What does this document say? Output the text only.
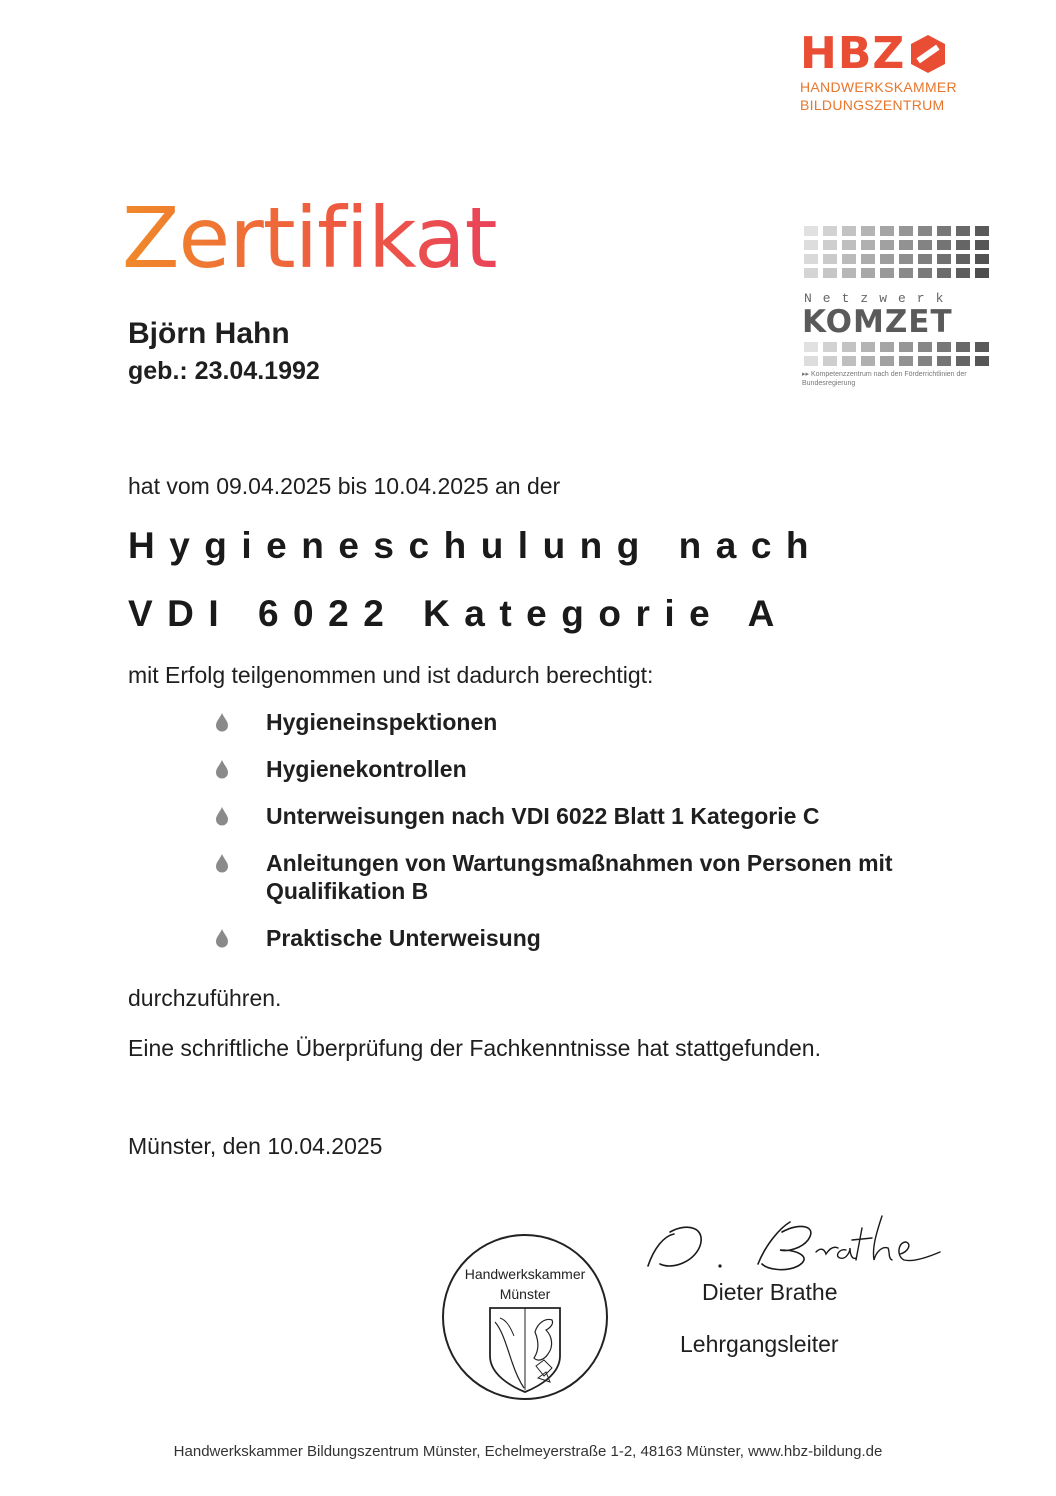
HBZ
HANDWERKSKAMMER
BILDUNGSZENTRUM
Zertifikat
Netzwerk
KOMZET
▸▸ Kompetenzzentrum nach den Förderrichtlinien der Bundesregierung
Björn Hahn
geb.: 23.04.1992
hat vom 09.04.2025 bis 10.04.2025 an der
Hygieneschulung nach
VDI 6022 Kategorie A
mit Erfolg teilgenommen und ist dadurch berechtigt:
Hygieneinspektionen
Hygienekontrollen
Unterweisungen nach VDI 6022 Blatt 1 Kategorie C
Anleitungen von Wartungsmaßnahmen von Personen mit Qualifikation B
Praktische Unterweisung
durchzuführen.
Eine schriftliche Überprüfung der Fachkenntnisse hat stattgefunden.
Münster, den 10.04.2025
Handwerkskammer
Münster	Dieter Brathe
Lehrgangsleiter
Handwerkskammer Bildungszentrum Münster, Echelmeyerstraße 1-2, 48163 Münster, www.hbz-bildung.de
